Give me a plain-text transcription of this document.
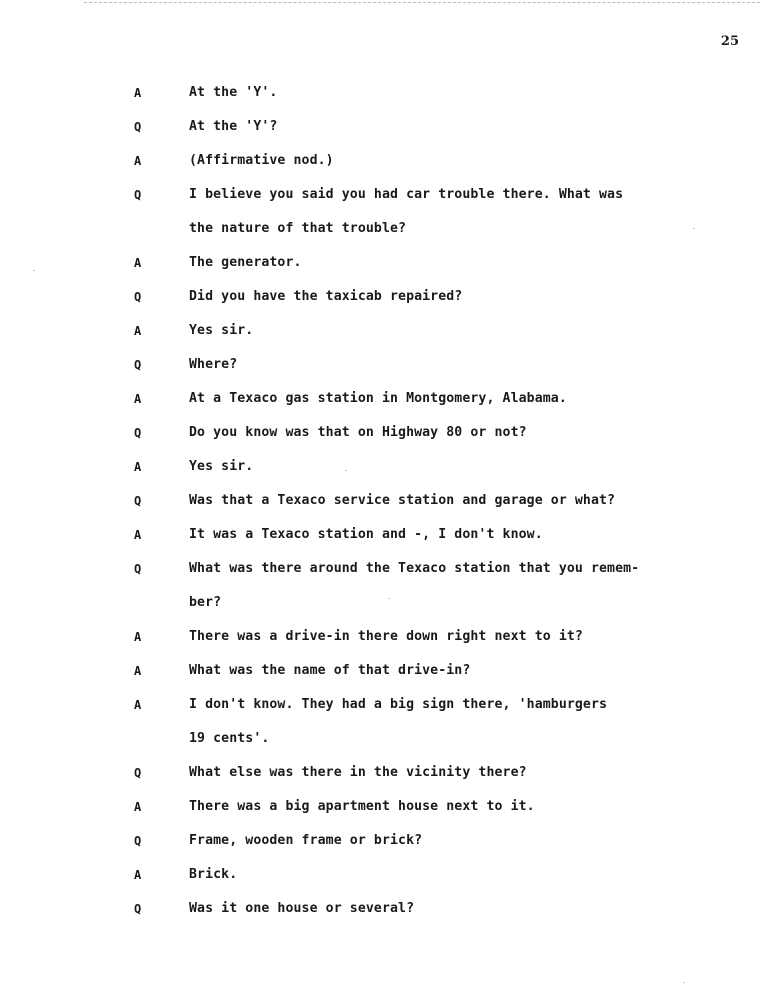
25
A	At the 'Y'.
Q	At the 'Y'?
A	(Affirmative nod.)
Q	I believe you said you had car trouble there. What was
the nature of that trouble?
A	The generator.
Q	Did you have the taxicab repaired?
A	Yes sir.
Q	Where?
A	At a Texaco gas station in Montgomery, Alabama.
Q	Do you know was that on Highway 80 or not?
A	Yes sir.
Q	Was that a Texaco service station and garage or what?
A	It was a Texaco station and -, I don't know.
Q	What was there around the Texaco station that you remem-
ber?
A	There was a drive-in there down right next to it?
A	What was the name of that drive-in?
A	I don't know. They had a big sign there, 'hamburgers
19 cents'.
Q	What else was there in the vicinity there?
A	There was a big apartment house next to it.
Q	Frame, wooden frame or brick?
A	Brick.
Q	Was it one house or several?
